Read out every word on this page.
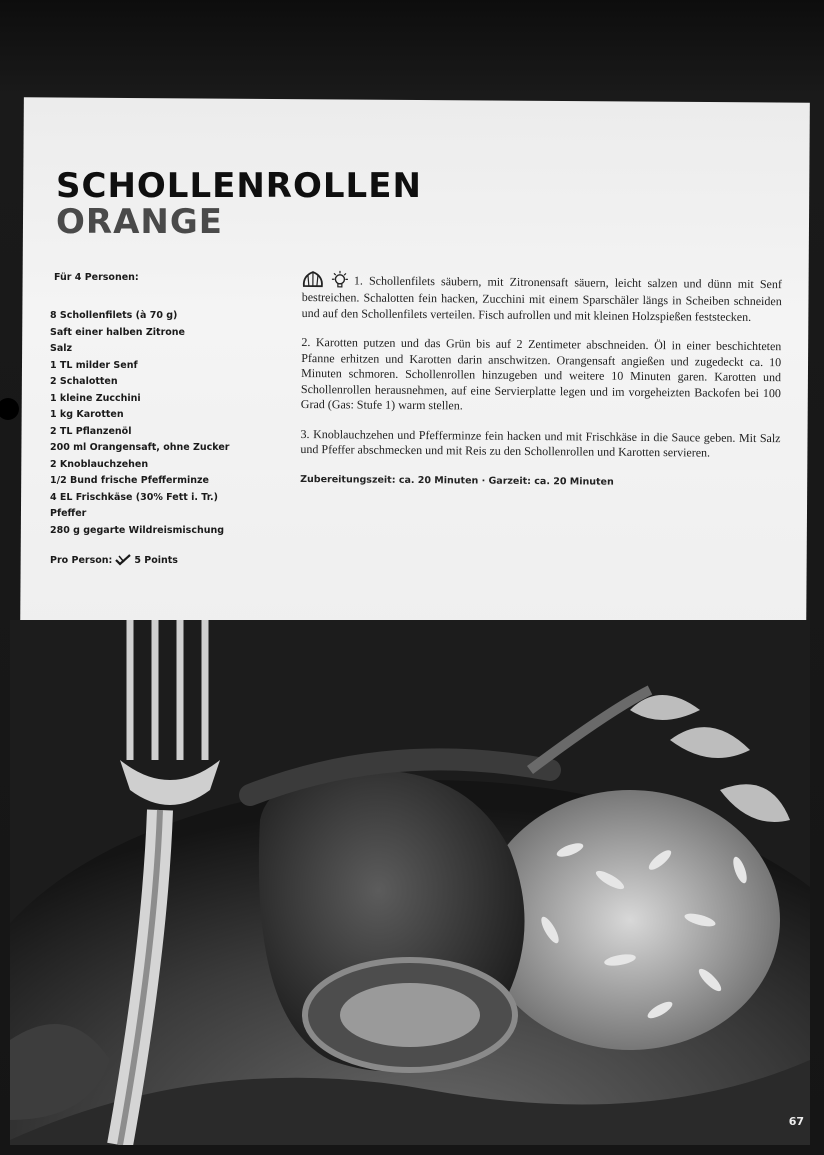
SCHOLLENROLLEN
ORANGE
Für 4 Personen:
8 Schollenfilets (à 70 g)
Saft einer halben Zitrone
Salz
1 TL milder Senf
2 Schalotten
1 kleine Zucchini
1 kg Karotten
2 TL Pflanzenöl
200 ml Orangensaft, ohne Zucker
2 Knoblauchzehen
1/2 Bund frische Pfefferminze
4 EL Frischkäse (30% Fett i. Tr.)
Pfeffer
280 g gegarte Wildreismischung
Pro Person: 5 Points

1. Schollenfilets säubern, mit Zitronensaft säuern, leicht salzen und dünn mit Senf bestreichen. Schalotten fein hacken, Zucchini mit einem Sparschäler längs in Scheiben schneiden und auf den Schollenfilets verteilen. Fisch aufrollen und mit kleinen Holzspießen feststecken.

2. Karotten putzen und das Grün bis auf 2 Zentimeter abschneiden. Öl in einer beschichteten Pfanne erhitzen und Karotten darin anschwitzen. Orangensaft angießen und zugedeckt ca. 10 Minuten schmoren. Schollenrollen hinzugeben und weitere 10 Minuten garen. Karotten und Schollenrollen herausnehmen, auf eine Servierplatte legen und im vorgeheizten Backofen bei 100 Grad (Gas: Stufe 1) warm stellen.

3. Knoblauchzehen und Pfefferminze fein hacken und mit Frischkäse in die Sauce geben. Mit Salz und Pfeffer abschmecken und mit Reis zu den Schollenrollen und Karotten servieren.

Zubereitungszeit: ca. 20 Minuten · Garzeit: ca. 20 Minuten
67
